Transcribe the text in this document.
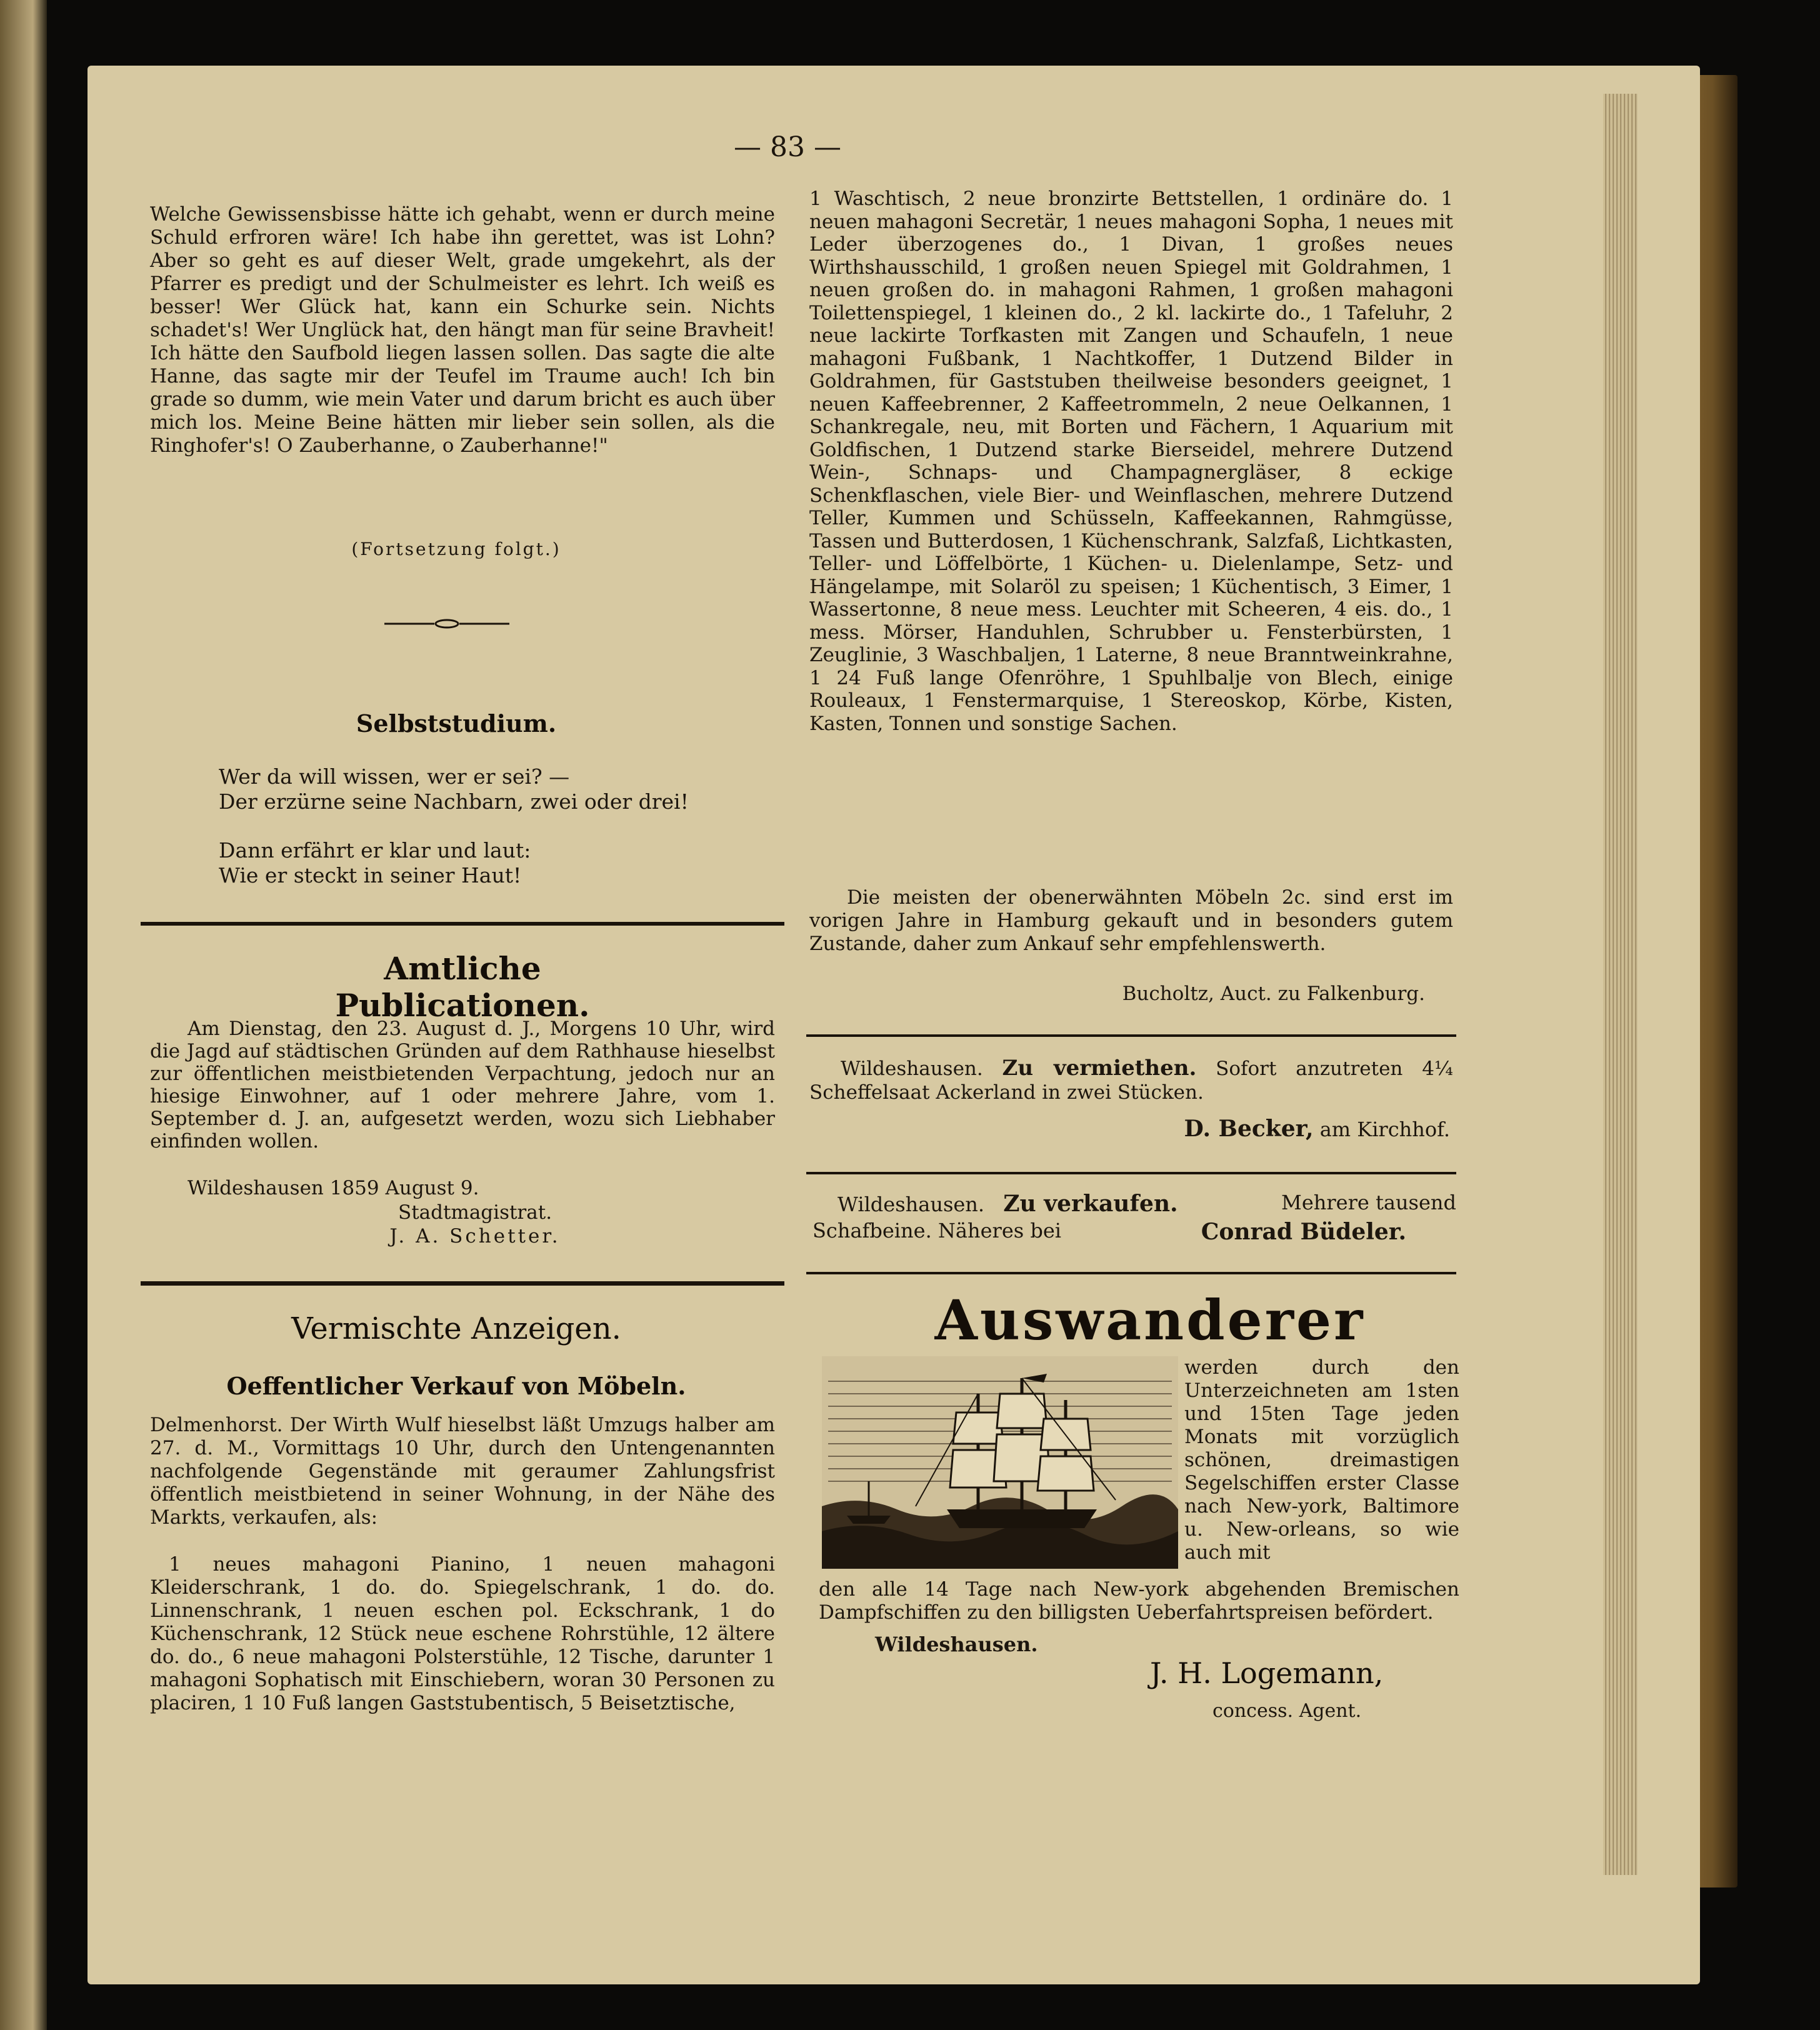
— 83 —

Welche Gewissensbisse hätte ich gehabt, wenn er durch meine Schuld erfroren wäre! Ich habe ihn gerettet, was ist Lohn? Aber so geht es auf dieser Welt, grade umgekehrt, als der Pfarrer es predigt und der Schulmeister es lehrt. Ich weiß es besser! Wer Glück hat, kann ein Schurke sein. Nichts schadet's! Wer Unglück hat, den hängt man für seine Bravheit! Ich hätte den Saufbold liegen lassen sollen. Das sagte die alte Hanne, das sagte mir der Teufel im Traume auch! Ich bin grade so dumm, wie mein Vater und darum bricht es auch über mich los. Meine Beine hätten mir lieber sein sollen, als die Ringhofer's! O Zauberhanne, o Zauberhanne!"

(Fortsetzung folgt.)
Selbststudium.
Wer da will wissen, wer er sei? —
Der erzürne seine Nachbarn, zwei oder drei!
Dann erfährt er klar und laut:
Wie er steckt in seiner Haut!
Amtliche Publicationen.

Am Dienstag, den 23. August d. J., Morgens 10 Uhr, wird die Jagd auf städtischen Gründen auf dem Rathhause hieselbst zur öffentlichen meistbietenden Verpachtung, jedoch nur an hiesige Einwohner, auf 1 oder mehrere Jahre, vom 1. September d. J. an, aufgesetzt werden, wozu sich Liebhaber einfinden wollen.

Wildeshausen 1859 August 9.
Stadtmagistrat.
J. A. Schetter.
Vermischte Anzeigen.
Oeffentlicher Verkauf von Möbeln.

Delmenhorst. Der Wirth Wulf hieselbst läßt Umzugs halber am 27. d. M., Vormittags 10 Uhr, durch den Untengenannten nachfolgende Gegenstände mit geraumer Zahlungsfrist öffentlich meistbietend in seiner Wohnung, in der Nähe des Markts, verkaufen, als:

1 neues mahagoni Pianino, 1 neuen mahagoni Kleiderschrank, 1 do. do. Spiegelschrank, 1 do. do. Linnenschrank, 1 neuen eschen pol. Eckschrank, 1 do Küchenschrank, 12 Stück neue eschene Rohrstühle, 12 ältere do. do., 6 neue mahagoni Polsterstühle, 12 Tische, darunter 1 mahagoni Sophatisch mit Einschiebern, woran 30 Personen zu placiren, 1 10 Fuß langen Gaststubentisch, 5 Beisetztische,

1 Waschtisch, 2 neue bronzirte Bettstellen, 1 ordinäre do. 1 neuen mahagoni Secretär, 1 neues mahagoni Sopha, 1 neues mit Leder überzogenes do., 1 Divan, 1 großes neues Wirthshausschild, 1 großen neuen Spiegel mit Goldrahmen, 1 neuen großen do. in mahagoni Rahmen, 1 großen mahagoni Toilettenspiegel, 1 kleinen do., 2 kl. lackirte do., 1 Tafeluhr, 2 neue lackirte Torfkasten mit Zangen und Schaufeln, 1 neue mahagoni Fußbank, 1 Nachtkoffer, 1 Dutzend Bilder in Goldrahmen, für Gaststuben theilweise besonders geeignet, 1 neuen Kaffeebrenner, 2 Kaffeetrommeln, 2 neue Oelkannen, 1 Schankregale, neu, mit Borten und Fächern, 1 Aquarium mit Goldfischen, 1 Dutzend starke Bierseidel, mehrere Dutzend Wein-, Schnaps- und Champagnergläser, 8 eckige Schenkflaschen, viele Bier- und Weinflaschen, mehrere Dutzend Teller, Kummen und Schüsseln, Kaffeekannen, Rahmgüsse, Tassen und Butterdosen, 1 Küchenschrank, Salzfaß, Lichtkasten, Teller- und Löffelbörte, 1 Küchen- u. Dielenlampe, Setz- und Hängelampe, mit Solaröl zu speisen; 1 Küchentisch, 3 Eimer, 1 Wassertonne, 8 neue mess. Leuchter mit Scheeren, 4 eis. do., 1 mess. Mörser, Handuhlen, Schrubber u. Fensterbürsten, 1 Zeuglinie, 3 Waschbaljen, 1 Laterne, 8 neue Branntweinkrahne, 1 24 Fuß lange Ofenröhre, 1 Spuhlbalje von Blech, einige Rouleaux, 1 Fenstermarquise, 1 Stereoskop, Körbe, Kisten, Kasten, Tonnen und sonstige Sachen.

Die meisten der obenerwähnten Möbeln 2c. sind erst im vorigen Jahre in Hamburg gekauft und in besonders gutem Zustande, daher zum Ankauf sehr empfehlenswerth.

Bucholtz, Auct. zu Falkenburg.

Wildeshausen. Zu vermiethen. Sofort anzutreten 4¼ Scheffelsaat Ackerland in zwei Stücken.

D. Becker, am Kirchhof.
Wildeshausen. Zu verkaufen.	Mehrere tausend
Schafbeine. Näheres bei	Conrad Büdeler.
Auswanderer

werden durch den Unterzeichneten am 1sten und 15ten Tage jeden Monats mit vorzüglich schönen, dreimastigen Segelschiffen erster Classe nach New-york, Baltimore u. New-orleans, so wie auch mit

den alle 14 Tage nach New-york abgehenden Bremischen Dampfschiffen zu den billigsten Ueberfahrtspreisen befördert.

Wildeshausen.
J. H. Logemann,
concess. Agent.
